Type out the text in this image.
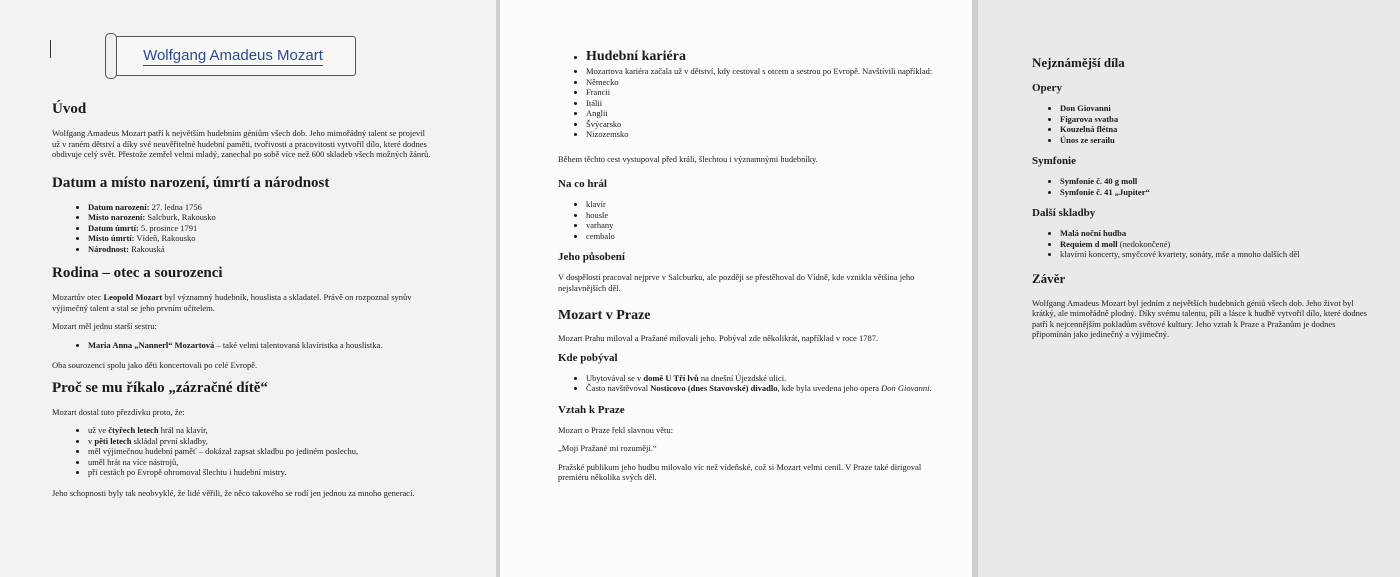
Wolfgang Amadeus Mozart
Úvod

Wolfgang Amadeus Mozart patří k největším hudebním géniům všech dob. Jeho mimořádný talent se projevil už v raném dětství a díky své neuvěřitelné hudební paměti, tvořivosti a pracovitosti vytvořil dílo, které dodnes obdivuje celý svět. Přestože zemřel velmi mladý, zanechal po sobě více než 600 skladeb všech možných žánrů.

Datum a místo narození, úmrtí a národnost
• Datum narození: 27. ledna 1756
• Místo narození: Salcburk, Rakousko
• Datum úmrtí: 5. prosince 1791
• Místo úmrtí: Vídeň, Rakousko
• Národnost: Rakouská
Rodina – otec a sourozenci

Mozartův otec Leopold Mozart byl významný hudebník, houslista a skladatel. Právě on rozpoznal synův výjimečný talent a stal se jeho prvním učitelem.

Mozart měl jednu starší sestru:

• Maria Anna „Nannerl“ Mozartová – také velmi talentovaná klavíristka a houslistka.

Oba sourozenci spolu jako děti koncertovali po celé Evropě.

Proč se mu říkalo „zázračné dítě“

Mozart dostal tuto přezdívku proto, že:

• už ve čtyřech letech hrál na klavír,
• v pěti letech skládal první skladby,
• měl výjimečnou hudební paměť – dokázal zapsat skladbu po jediném poslechu,
• uměl hrát na více nástrojů,
• při cestách po Evropě ohromoval šlechtu i hudební mistry.

Jeho schopnosti byly tak neobvyklé, že lidé věřili, že něco takového se rodí jen jednou za mnoho generací.

• Hudební kariéra
• Mozartova kariéra začala už v dětství, kdy cestoval s otcem a sestrou po Evropě. Navštívili například:
• Německo
• Francii
• Itálii
• Anglii
• Švýcarsko
• Nizozemsko

Během těchto cest vystupoval před králi, šlechtou i významnými hudebníky.

Na co hrál
• klavír
• housle
• varhany
• cembalo
Jeho působení

V dospělosti pracoval nejprve v Salcburku, ale později se přestěhoval do Vídně, kde vznikla většina jeho nejslavnějších děl.

Mozart v Praze

Mozart Prahu miloval a Pražané milovali jeho. Pobýval zde několikrát, například v roce 1787.

Kde pobýval
• Ubytovával se v domě U Tří lvů na dnešní Újezdské ulici.
• Často navštěvoval Nosticovo (dnes Stavovské) divadlo, kde byla uvedena jeho opera Don Giovanni.
Vztah k Praze

Mozart o Praze řekl slavnou větu:

„Moji Pražané mi rozumějí.“

Pražské publikum jeho hudbu milovalo víc než vídeňské, což si Mozart velmi cenil. V Praze také dirigoval premiéru několika svých děl.

Nejznámější díla
Opery
• Don Giovanni
• Figarova svatba
• Kouzelná flétna
• Únos ze serailu
Symfonie
• Symfonie č. 40 g moll
• Symfonie č. 41 „Jupiter“
Další skladby
• Malá noční hudba
• Requiem d moll (nedokončené)
• klavírní koncerty, smyčcové kvartety, sonáty, mše a mnoho dalších děl
Závěr

Wolfgang Amadeus Mozart byl jedním z největších hudebních géniů všech dob. Jeho život byl krátký, ale mimořádně plodný. Díky svému talentu, píli a lásce k hudbě vytvořil dílo, které dodnes patří k nejcennějším pokladům světové kultury. Jeho vztah k Praze a Pražanům je dodnes připomínán jako jedinečný a výjimečný.
